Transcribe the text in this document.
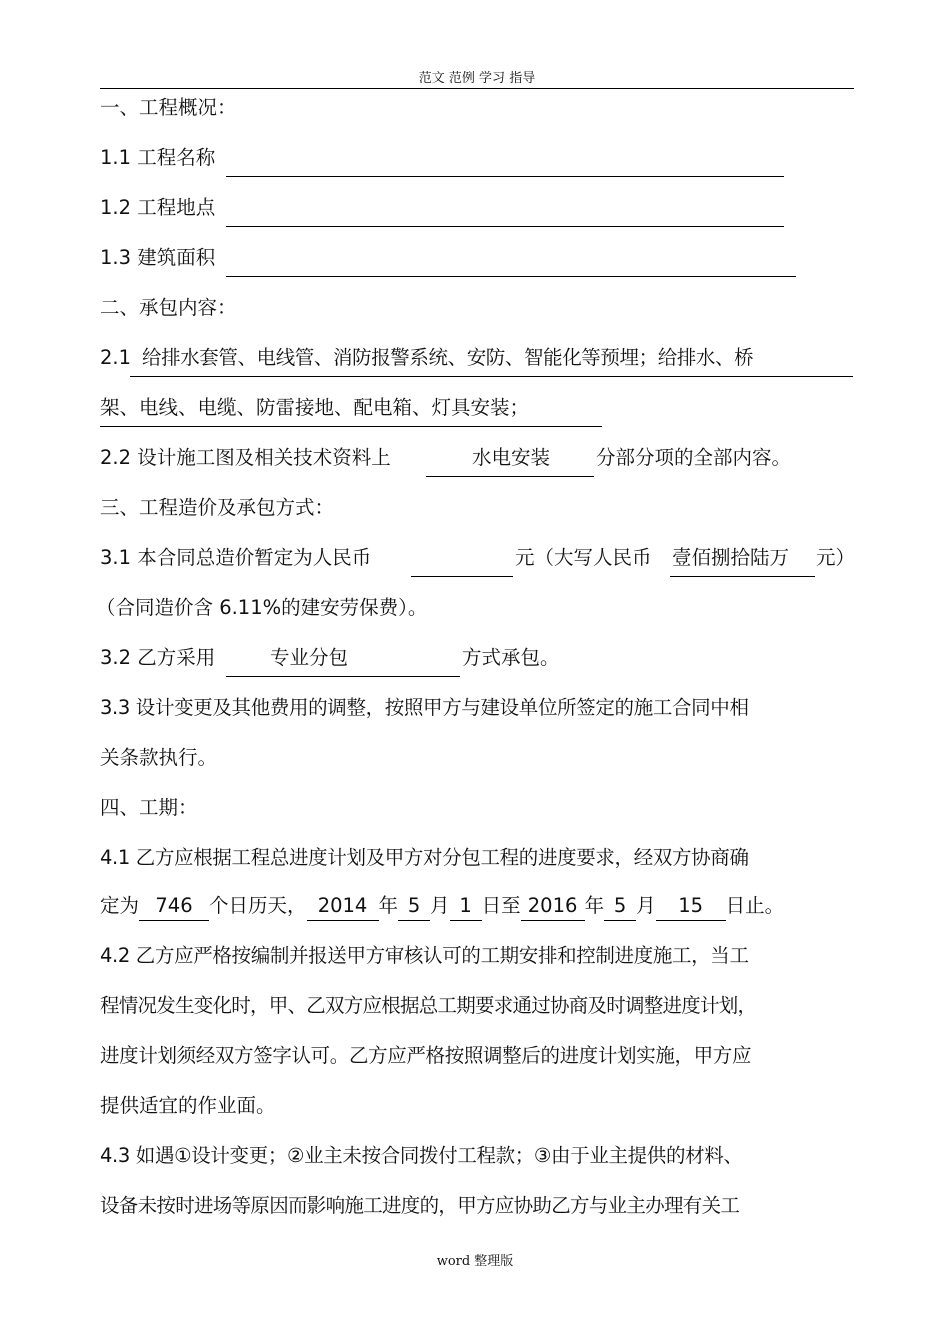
范文 范例 学习 指导
一、工程概况：
1.1 工程名称
1.2 工程地点
1.3 建筑面积
二、承包内容：
2.1 给排水套管、电线管、消防报警系统、安防、智能化等预埋；给排水、桥
架、电线、电缆、防雷接地、配电箱、灯具安装；
2.2 设计施工图及相关技术资料上	水电安装 分部分项的全部内容。
三、工程造价及承包方式：
3.1 本合同总造价暂定为人民币	元（大写人民币 壹佰捌拾陆万 元）
（合同造价含 6.11%的建安劳保费）。
3.2 乙方采用	专业分包	方式承包。
3.3 设计变更及其他费用的调整，按照甲方与建设单位所签定的施工合同中相
关条款执行。
四、工期：
4.1 乙方应根据工程总进度计划及甲方对分包工程的进度要求，经双方协商确
定为 746 个日历天， 2014 年 5 月 1 日至 2016 年 5 月 15 日止。
4.2 乙方应严格按编制并报送甲方审核认可的工期安排和控制进度施工，当工
程情况发生变化时，甲、乙双方应根据总工期要求通过协商及时调整进度计划，
进度计划须经双方签字认可。乙方应严格按照调整后的进度计划实施，甲方应
提供适宜的作业面。
4.3 如遇①设计变更；②业主未按合同拨付工程款；③由于业主提供的材料、
设备未按时进场等原因而影响施工进度的，甲方应协助乙方与业主办理有关工
word 整理版
